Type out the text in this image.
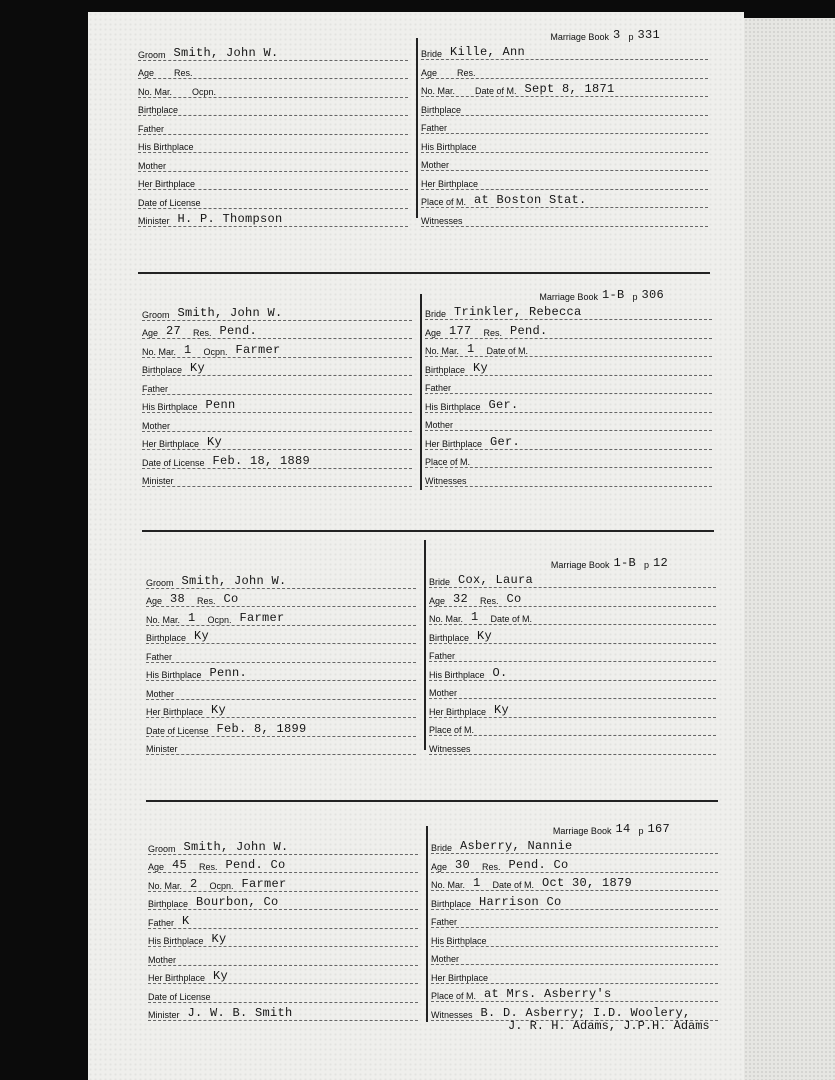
Groom Smith, John W.
Age Res.
No. Mar. Ocpn.
Birthplace
Father
His Birthplace
Mother
Her Birthplace
Date of License
Minister H. P. Thompson
Marriage Book 3 p 331
Bride Kille, Ann
Age Res.
No. Mar. Date of M. Sept 8, 1871
Birthplace
Father
His Birthplace
Mother
Her Birthplace
Place of M. at Boston Stat.
Witnesses
Groom Smith, John W.
Age 27 Res. Pend.
No. Mar. 1 Ocpn. Farmer
Birthplace Ky
Father
His Birthplace Penn
Mother
Her Birthplace Ky
Date of License Feb. 18, 1889
Minister
Marriage Book 1-B p 306
Bride Trinkler, Rebecca
Age 177 Res. Pend.
No. Mar. 1 Date of M.
Birthplace Ky
Father
His Birthplace Ger.
Mother
Her Birthplace Ger.
Place of M.
Witnesses
Groom Smith, John W.
Age 38 Res. Co
No. Mar. 1 Ocpn. Farmer
Birthplace Ky
Father
His Birthplace Penn.
Mother
Her Birthplace Ky
Date of License Feb. 8, 1899
Minister
Marriage Book 1-B p 12
Bride Cox, Laura
Age 32 Res. Co
No. Mar. 1 Date of M.
Birthplace Ky
Father
His Birthplace O.
Mother
Her Birthplace Ky
Place of M.
Witnesses
Groom Smith, John W.
Age 45 Res. Pend. Co
No. Mar. 2 Ocpn. Farmer
Birthplace Bourbon, Co
Father K
His Birthplace Ky
Mother
Her Birthplace Ky
Date of License
Minister J. W. B. Smith
Marriage Book 14 p 167
Bride Asberry, Nannie
Age 30 Res. Pend. Co
No. Mar. 1 Date of M. Oct 30, 1879
Birthplace Harrison Co
Father
His Birthplace
Mother
Her Birthplace
Place of M. at Mrs. Asberry's
Witnesses B. D. Asberry; I.D. Woolery,
J. R. H. Adams, J.P.H. Adams
